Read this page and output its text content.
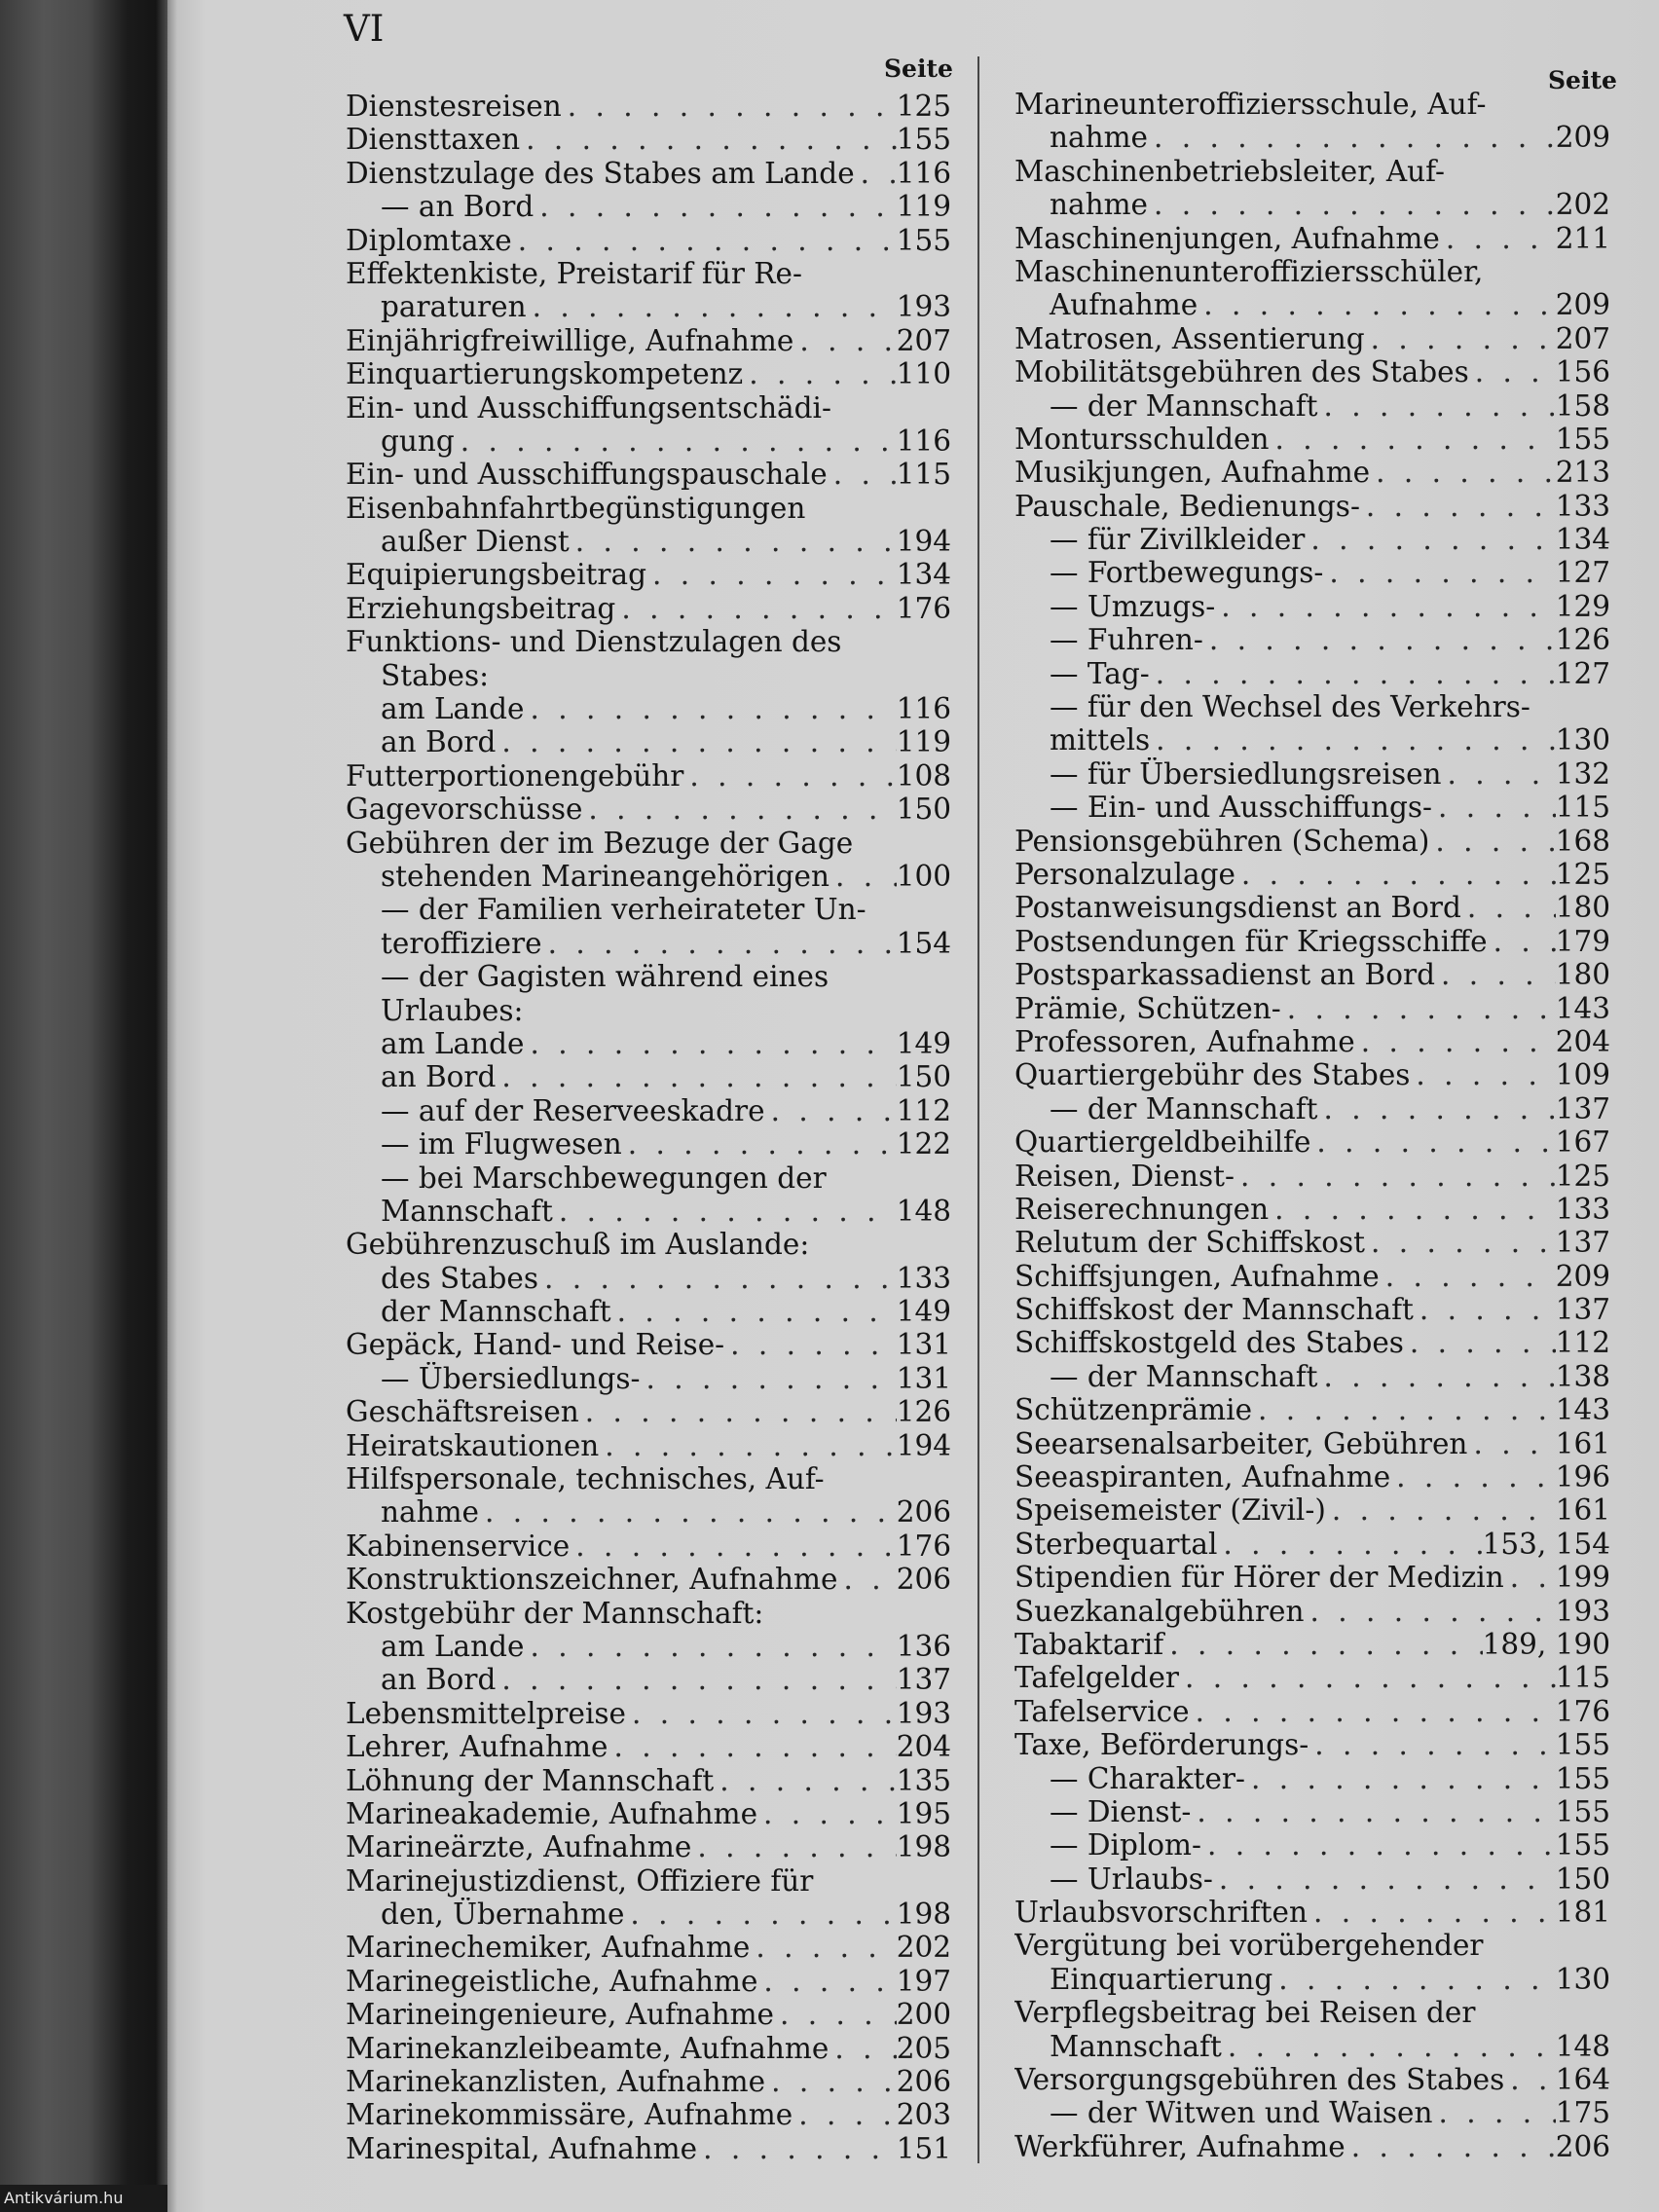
VI
Seite	Seite
Dienstesreisen . . .	125
Diensttaxen . . .	155
Dienstzulage des Stabes am Lande . . . 116
— an Bord . . .	119
Diplomtaxe . . .	155
Effektenkiste, Preistarif für Re-
paraturen . . .	193
Einjährigfreiwillige, Aufnahme . . .	207
Einquartierungskompetenz . . .	110
Ein- und Ausschiffungsentschädi-
gung . . .	116
Ein- und Ausschiffungspauschale . . . 115
Eisenbahnfahrtbegünstigungen
außer Dienst . . .	194
Equipierungsbeitrag . . .	134
Erziehungsbeitrag . . .	176
Funktions- und Dienstzulagen des
Stabes:
am Lande . . .	116
an Bord . . .	119
Futterportionengebühr . . .	108
Gagevorschüsse . . .	150
Gebühren der im Bezuge der Gage
stehenden Marineangehörigen . . . 100
— der Familien verheirateter Un-
teroffiziere . . .	154
— der Gagisten während eines
Urlaubes:
am Lande . . .	149
an Bord . . .	150
— auf der Reserveeskadre . . .	112
— im Flugwesen . . .	122
— bei Marschbewegungen der
Mannschaft . . .	148
Gebührenzuschuß im Auslande:
des Stabes . . .	133
der Mannschaft . . .	149
Gepäck, Hand- und Reise- . . .	131
— Übersiedlungs- . . .	131
Geschäftsreisen . . .	126
Heiratskautionen . . .	194
Hilfspersonale, technisches, Auf-
nahme . . .	206
Kabinenservice . . .	176
Konstruktionszeichner, Aufnahme . . . 206
Kostgebühr der Mannschaft:
am Lande . . .	136
an Bord . . .	137
Lebensmittelpreise . . .	193
Lehrer, Aufnahme . . .	204
Löhnung der Mannschaft . . .	135
Marineakademie, Aufnahme . . .	195
Marineärzte, Aufnahme . . .	198
Marinejustizdienst, Offiziere für
den, Übernahme . . .	198
Marinechemiker, Aufnahme . . .	202
Marinegeistliche, Aufnahme . . .	197
Marineingenieure, Aufnahme . . .	200
Marinekanzleibeamte, Aufnahme . . . 205
Marinekanzlisten, Aufnahme . . .	206
Marinekommissäre, Aufnahme . . .	203
Marinespital, Aufnahme . . .	151
Marineunteroffiziersschule, Auf-
nahme . . .	209
Maschinenbetriebsleiter, Auf-
nahme . . .	202
Maschinenjungen, Aufnahme . . .	211
Maschinenunteroffiziersschüler,
Aufnahme . . .	209
Matrosen, Assentierung . . .	207
Mobilitätsgebühren des Stabes . . .	156
— der Mannschaft . . .	158
Montursschulden . . .	155
Musikjungen, Aufnahme . . .	213
Pauschale, Bedienungs- . . .	133
— für Zivilkleider . . .	134
— Fortbewegungs- . . .	127
— Umzugs- . . .	129
— Fuhren- . . .	126
— Tag- . . .	127
— für den Wechsel des Verkehrs-
mittels . . .	130
— für Übersiedlungsreisen . . .	132
— Ein- und Ausschiffungs- . . .	115
Pensionsgebühren (Schema) . . .	168
Personalzulage . . .	125
Postanweisungsdienst an Bord . . .	180
Postsendungen für Kriegsschiffe . . . 179
Postsparkassadienst an Bord . . .	180
Prämie, Schützen- . . .	143
Professoren, Aufnahme . . .	204
Quartiergebühr des Stabes . . .	109
— der Mannschaft . . .	137
Quartiergeldbeihilfe . . .	167
Reisen, Dienst- . . .	125
Reiserechnungen . . .	133
Relutum der Schiffskost . . .	137
Schiffsjungen, Aufnahme . . .	209
Schiffskost der Mannschaft . . .	137
Schiffskostgeld des Stabes . . .	112
— der Mannschaft . . .	138
Schützenprämie . . .	143
Seearsenalsarbeiter, Gebühren . . .	161
Seeaspiranten, Aufnahme . . .	196
Speisemeister (Zivil-) . . .	161
Sterbequartal . . .	153, 154
Stipendien für Hörer der Medizin . . . 199
Suezkanalgebühren . . .	193
Tabaktarif . . .	189, 190
Tafelgelder . . .	115
Tafelservice . . .	176
Taxe, Beförderungs- . . .	155
— Charakter- . . .	155
— Dienst- . . .	155
— Diplom- . . .	155
— Urlaubs- . . .	150
Urlaubsvorschriften . . .	181
Vergütung bei vorübergehender
Einquartierung . . .	130
Verpflegsbeitrag bei Reisen der
Mannschaft . . .	148
Versorgungsgebühren des Stabes . . . 164
— der Witwen und Waisen . . .	175
Werkführer, Aufnahme . . .	206
Antikvárium.hu
